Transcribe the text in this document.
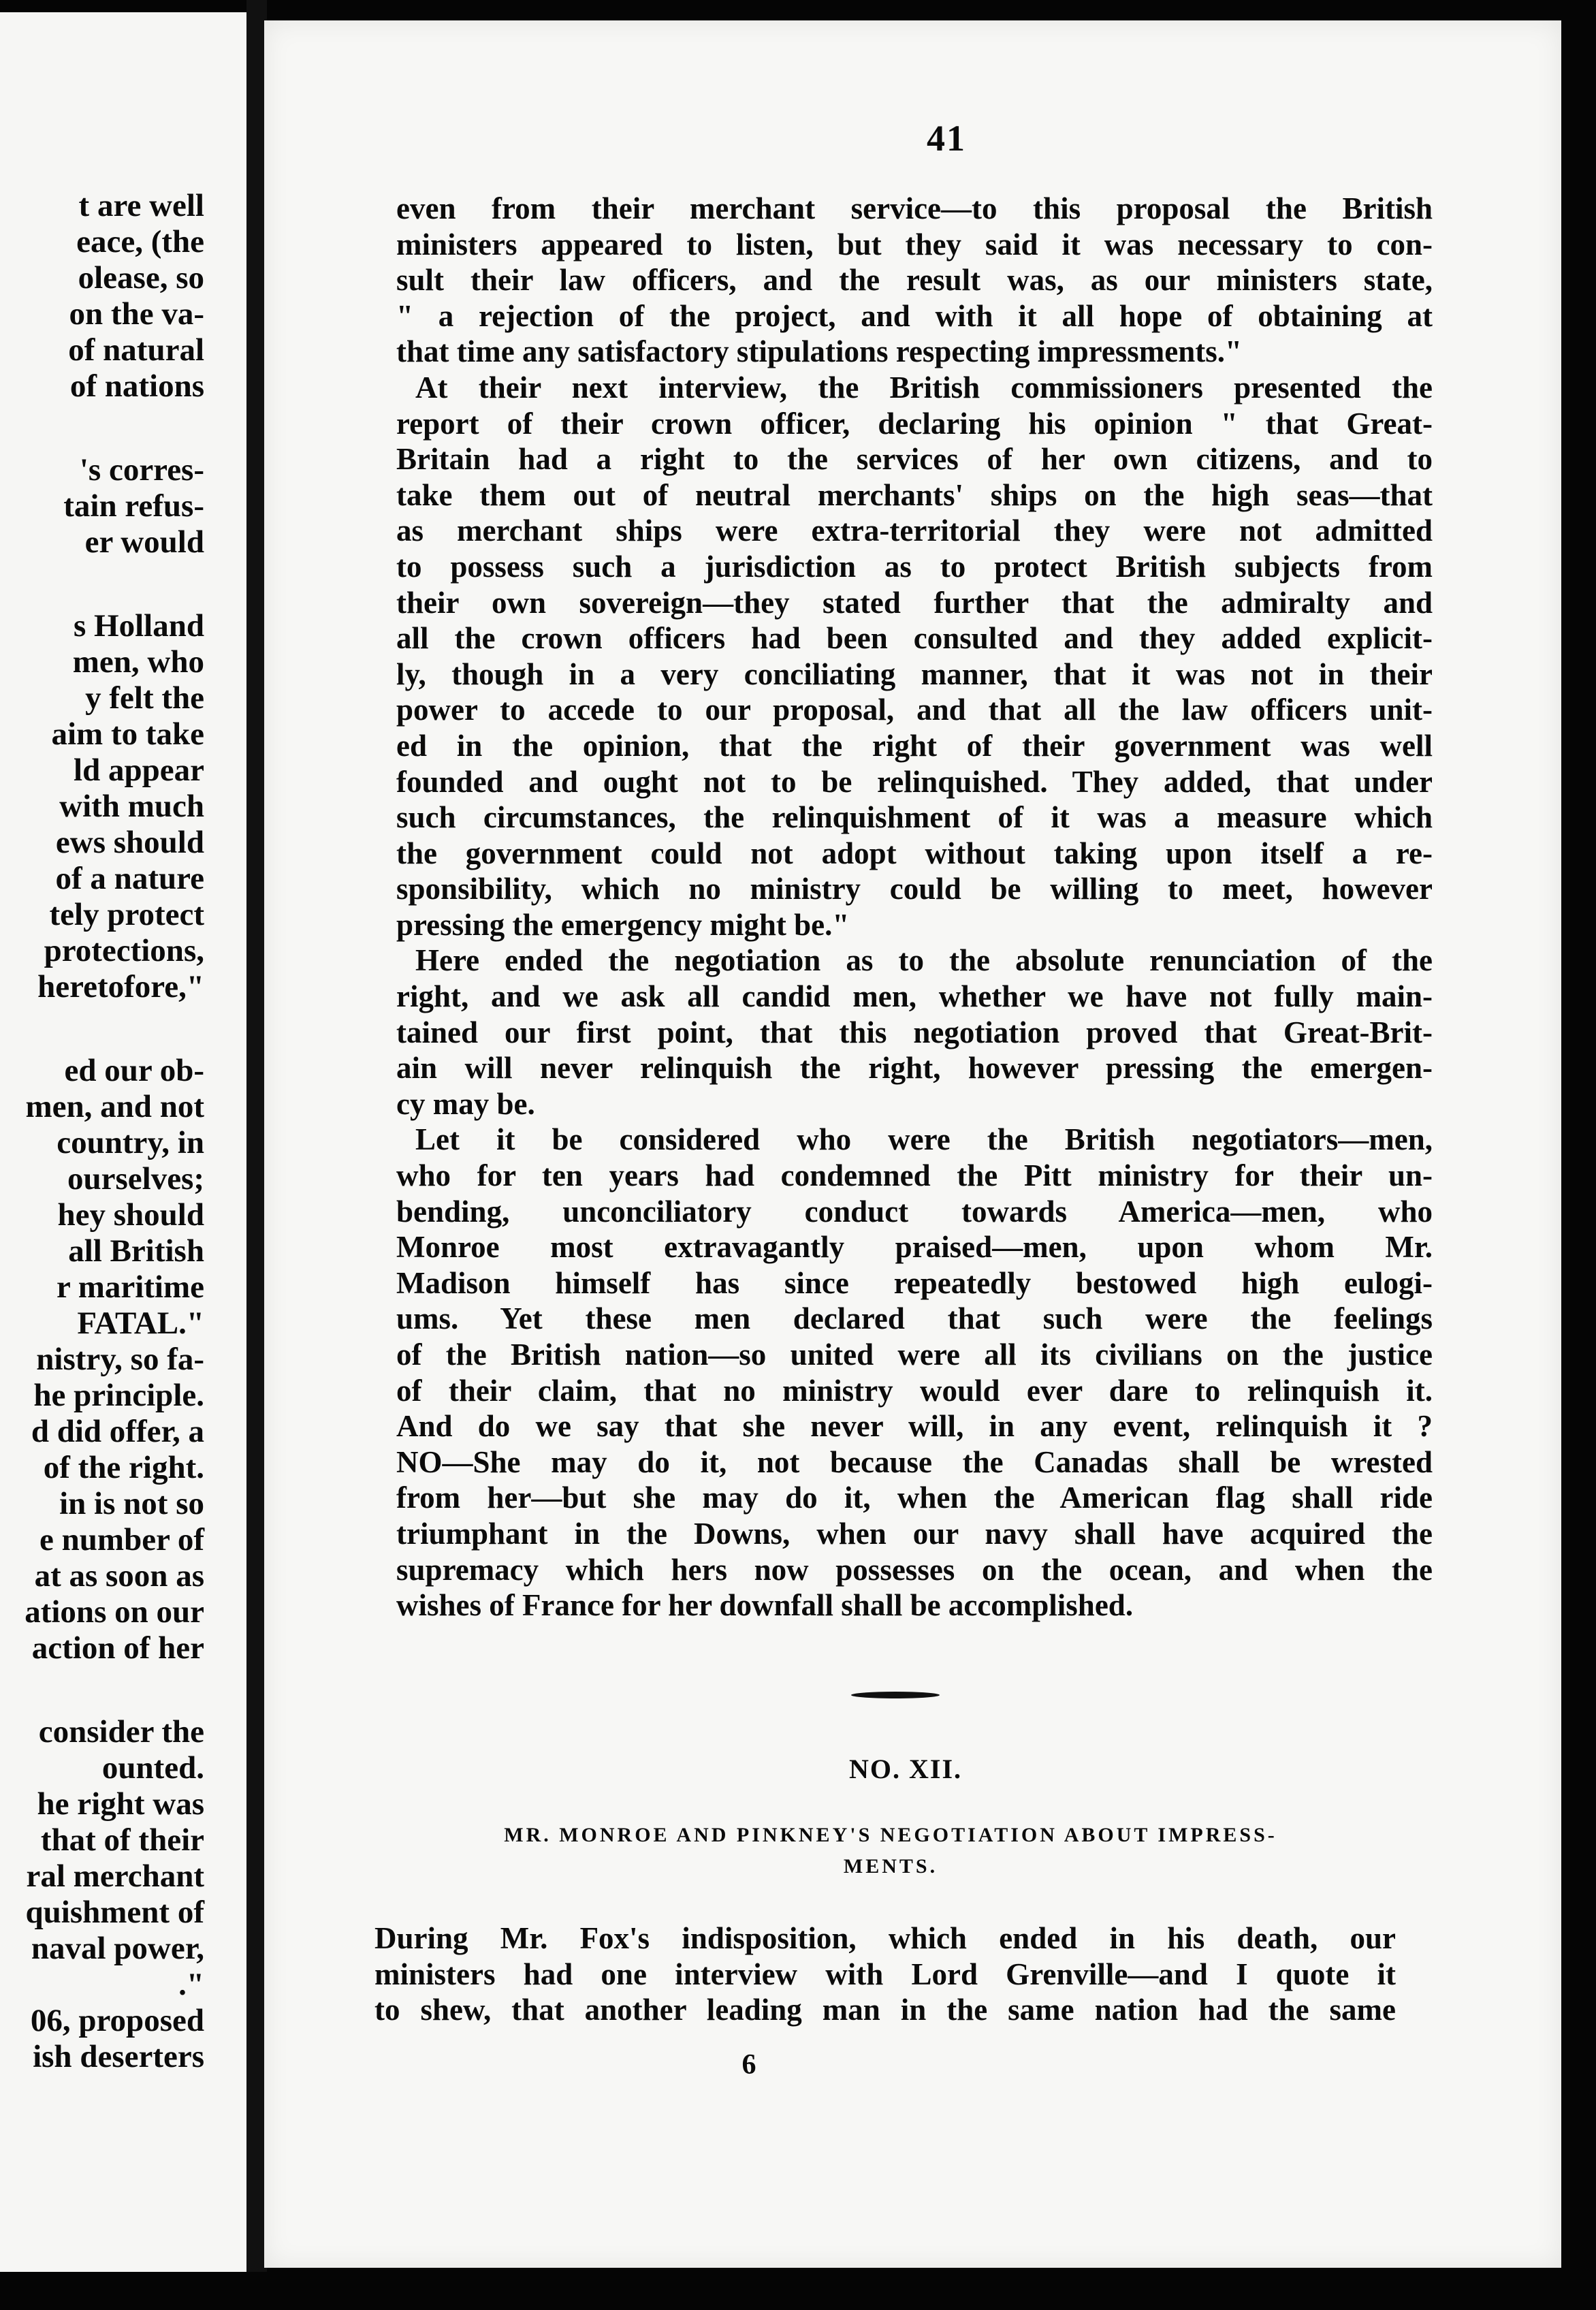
t are well
eace, (the
olease, so
on the va-
of natural
of nations
's corres-
tain refus-
er would
s Holland
men, who
y felt the
aim to take
ld appear
with much
ews should
of a nature
tely protect
protections,
heretofore,"
ed our ob-
men, and not
country, in
ourselves;
hey should
all British
r maritime
FATAL."
nistry, so fa-
he principle.
d did offer, a
of the right.
in is not so
e number of
at as soon as
ations on our
action of her
consider the
ounted.
he right was
that of their
ral merchant
quishment of
naval power,
."
06, proposed
ish deserters
41
even from their merchant service—to this proposal the British
ministers appeared to listen, but they said it was necessary to con-
sult their law officers, and the result was, as our ministers state,
" a rejection of the project, and with it all hope of obtaining at
that time any satisfactory stipulations respecting impressments."
At their next interview, the British commissioners presented the
report of their crown officer, declaring his opinion " that Great-
Britain had a right to the services of her own citizens, and to
take them out of neutral merchants' ships on the high seas—that
as merchant ships were extra-territorial they were not admitted
to possess such a jurisdiction as to protect British subjects from
their own sovereign—they stated further that the admiralty and
all the crown officers had been consulted and they added explicit-
ly, though in a very conciliating manner, that it was not in their
power to accede to our proposal, and that all the law officers unit-
ed in the opinion, that the right of their government was well
founded and ought not to be relinquished. They added, that under
such circumstances, the relinquishment of it was a measure which
the government could not adopt without taking upon itself a re-
sponsibility, which no ministry could be willing to meet, however
pressing the emergency might be."
Here ended the negotiation as to the absolute renunciation of the
right, and we ask all candid men, whether we have not fully main-
tained our first point, that this negotiation proved that Great-Brit-
ain will never relinquish the right, however pressing the emergen-
cy may be.
Let it be considered who were the British negotiators—men,
who for ten years had condemned the Pitt ministry for their un-
bending, unconciliatory conduct towards America—men, who
Monroe most extravagantly praised—men, upon whom Mr.
Madison himself has since repeatedly bestowed high eulogi-
ums. Yet these men declared that such were the feelings
of the British nation—so united were all its civilians on the justice
of their claim, that no ministry would ever dare to relinquish it.
And do we say that she never will, in any event, relinquish it ?
NO—She may do it, not because the Canadas shall be wrested
from her—but she may do it, when the American flag shall ride
triumphant in the Downs, when our navy shall have acquired the
supremacy which hers now possesses on the ocean, and when the
wishes of France for her downfall shall be accomplished.
NO. XII.
MR. MONROE AND PINKNEY'S NEGOTIATION ABOUT IMPRESS-
MENTS.
During Mr. Fox's indisposition, which ended in his death, our
ministers had one interview with Lord Grenville—and I quote it
to shew, that another leading man in the same nation had the same
6
